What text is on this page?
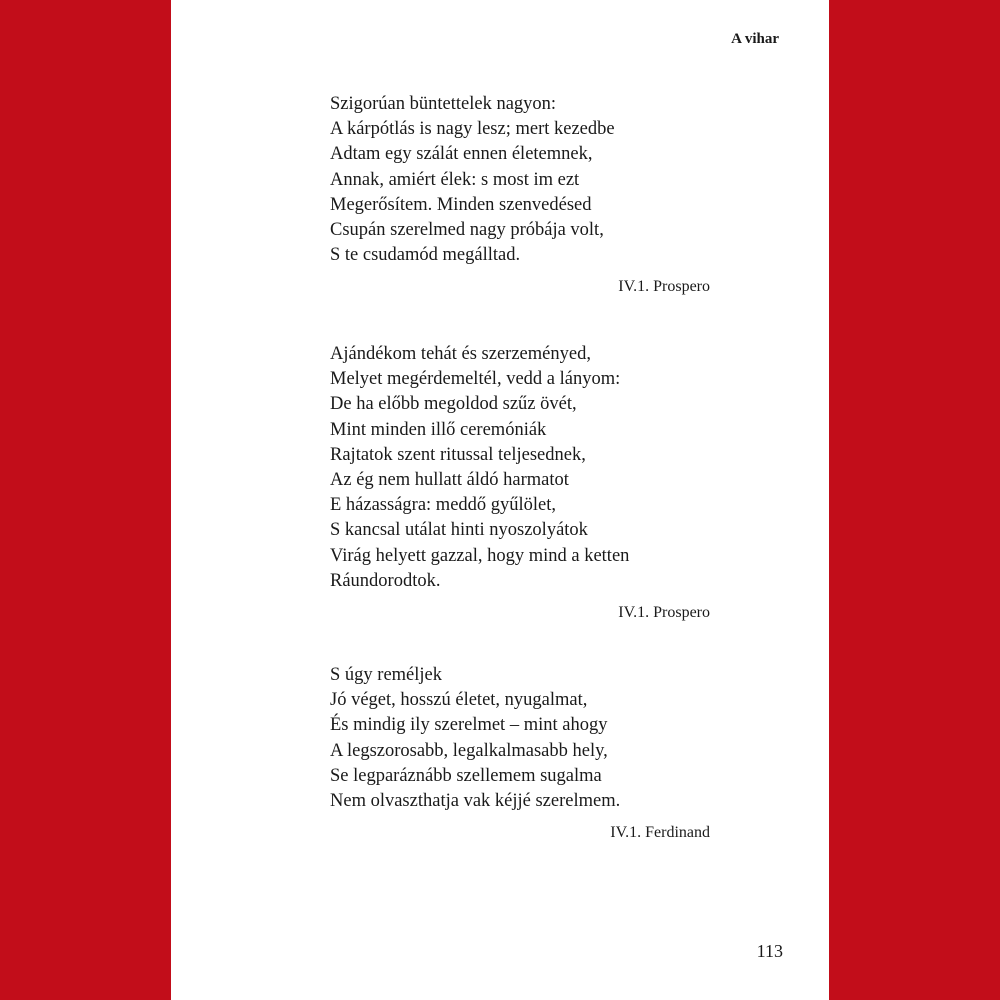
A vihar
Szigorúan büntettelek nagyon:
A kárpótlás is nagy lesz; mert kezedbe
Adtam egy szálát ennen életemnek,
Annak, amiért élek: s most im ezt
Megerősítem. Minden szenvedésed
Csupán szerelmed nagy próbája volt,
S te csudamód megálltad.
IV.1. Prospero
Ajándékom tehát és szerzeményed,
Melyet megérdemeltél, vedd a lányom:
De ha előbb megoldod szűz övét,
Mint minden illő ceremóniák
Rajtatok szent ritussal teljesednek,
Az ég nem hullatt áldó harmatot
E házasságra: meddő gyűlölet,
S kancsal utálat hinti nyoszolyátok
Virág helyett gazzal, hogy mind a ketten
Ráundorodtok.
IV.1. Prospero
S úgy reméljek
Jó véget, hosszú életet, nyugalmat,
És mindig ily szerelmet – mint ahogy
A legszorosabb, legalkalmasabb hely,
Se legparáznább szellemem sugalma
Nem olvaszthatja vak kéjjé szerelmem.
IV.1. Ferdinand
113
